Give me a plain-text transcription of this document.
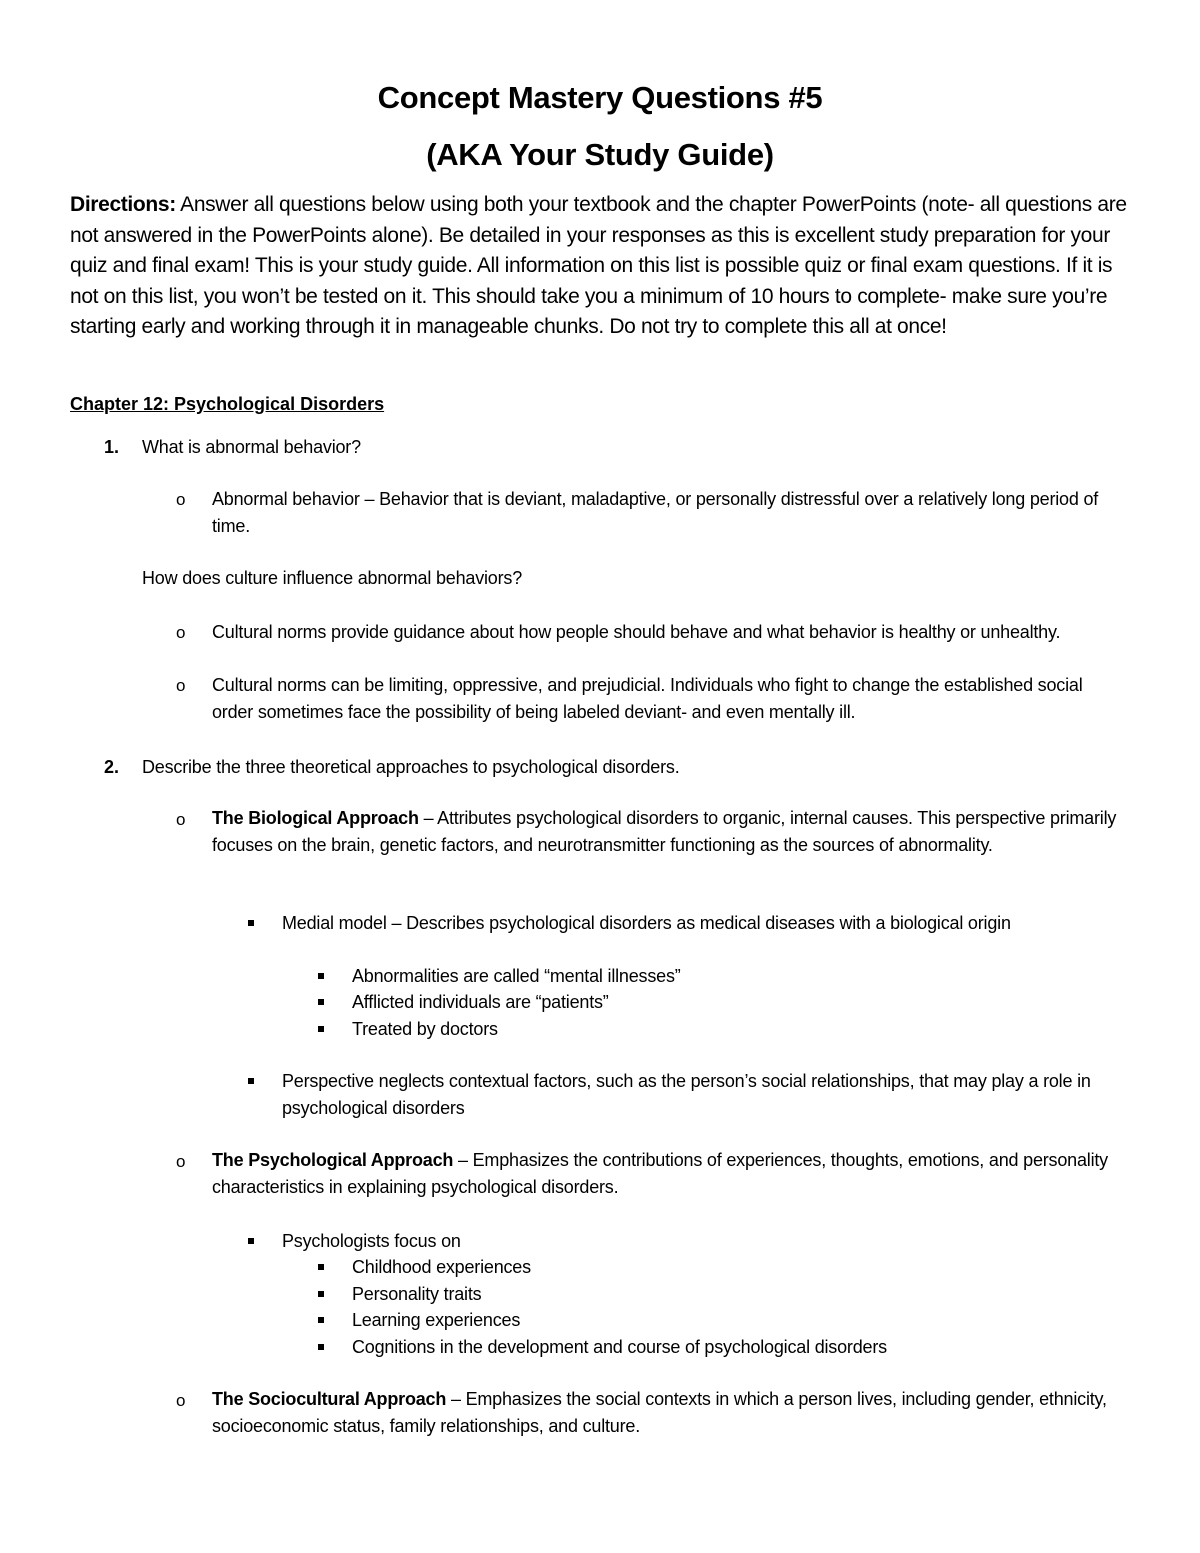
Concept Mastery Questions #5
(AKA Your Study Guide)
Directions: Answer all questions below using both your textbook and the chapter PowerPoints (note- all questions are not answered in the PowerPoints alone). Be detailed in your responses as this is excellent study preparation for your quiz and final exam! This is your study guide. All information on this list is possible quiz or final exam questions. If it is not on this list, you won’t be tested on it. This should take you a minimum of 10 hours to complete- make sure you’re starting early and working through it in manageable chunks. Do not try to complete this all at once!
Chapter 12: Psychological Disorders
1. What is abnormal behavior?
o Abnormal behavior – Behavior that is deviant, maladaptive, or personally distressful over a relatively long period of time.
How does culture influence abnormal behaviors?
o Cultural norms provide guidance about how people should behave and what behavior is healthy or unhealthy.
o Cultural norms can be limiting, oppressive, and prejudicial. Individuals who fight to change the established social order sometimes face the possibility of being labeled deviant- and even mentally ill.
2. Describe the three theoretical approaches to psychological disorders.
o The Biological Approach – Attributes psychological disorders to organic, internal causes. This perspective primarily focuses on the brain, genetic factors, and neurotransmitter functioning as the sources of abnormality.
Medial model – Describes psychological disorders as medical diseases with a biological origin
Abnormalities are called “mental illnesses”
Afflicted individuals are “patients”
Treated by doctors
Perspective neglects contextual factors, such as the person’s social relationships, that may play a role in psychological disorders
o The Psychological Approach – Emphasizes the contributions of experiences, thoughts, emotions, and personality characteristics in explaining psychological disorders.
Psychologists focus on
Childhood experiences
Personality traits
Learning experiences
Cognitions in the development and course of psychological disorders
o The Sociocultural Approach – Emphasizes the social contexts in which a person lives, including gender, ethnicity, socioeconomic status, family relationships, and culture.
